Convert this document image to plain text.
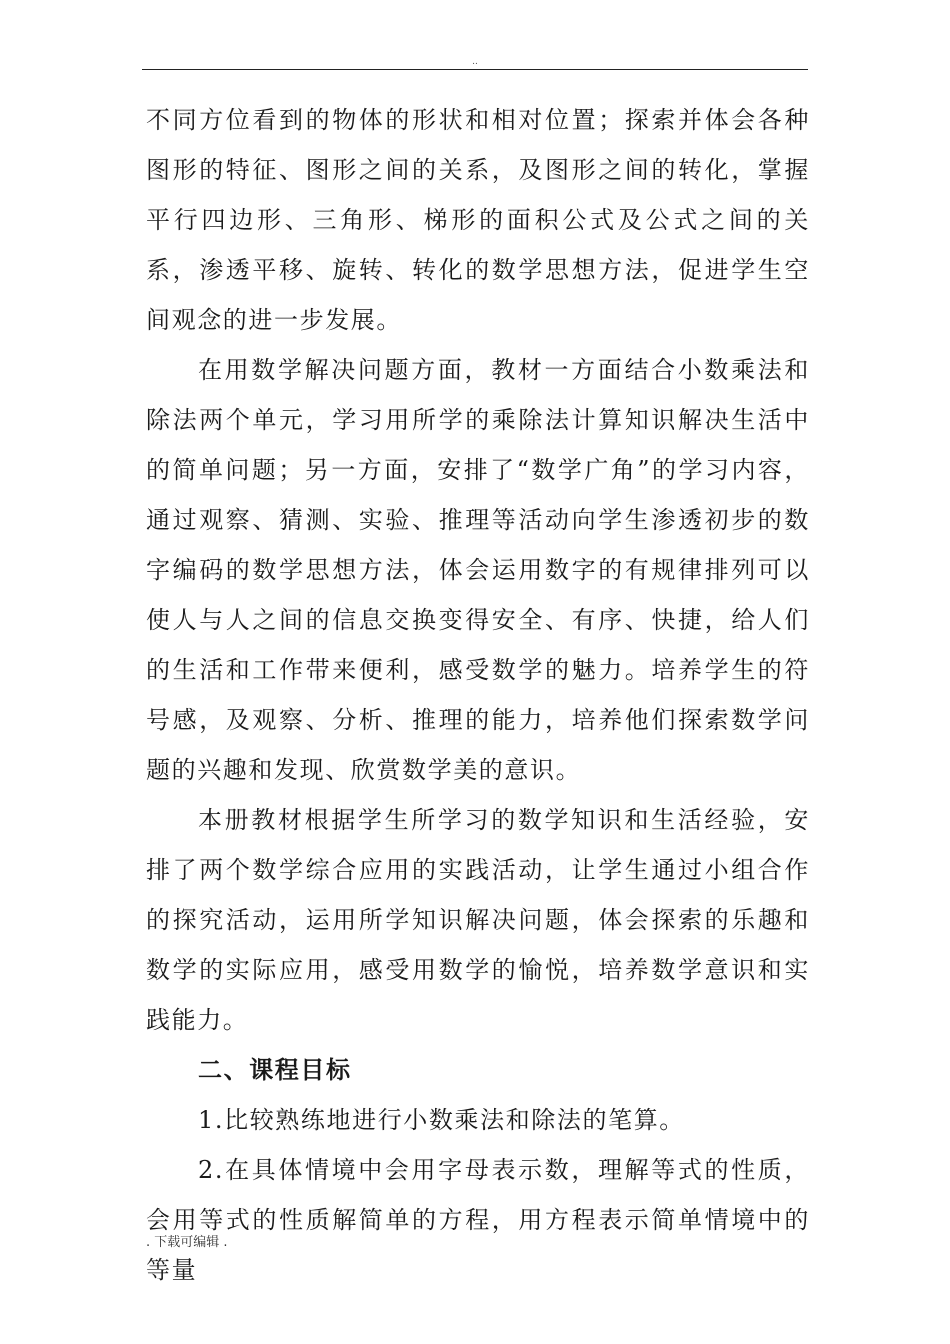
..

不同方位看到的物体的形状和相对位置；探索并体会各种图形的特征、图形之间的关系，及图形之间的转化，掌握平行四边形、三角形、梯形的面积公式及公式之间的关系，渗透平移、旋转、转化的数学思想方法，促进学生空间观念的进一步发展。

在用数学解决问题方面，教材一方面结合小数乘法和除法两个单元，学习用所学的乘除法计算知识解决生活中的简单问题；另一方面，安排了“数学广角”的学习内容，通过观察、猜测、实验、推理等活动向学生渗透初步的数字编码的数学思想方法，体会运用数字的有规律排列可以使人与人之间的信息交换变得安全、有序、快捷，给人们的生活和工作带来便利，感受数学的魅力。培养学生的符号感，及观察、分析、推理的能力，培养他们探索数学问题的兴趣和发现、欣赏数学美的意识。

本册教材根据学生所学习的数学知识和生活经验，安排了两个数学综合应用的实践活动，让学生通过小组合作的探究活动，运用所学知识解决问题，体会探索的乐趣和数学的实际应用，感受用数学的愉悦，培养数学意识和实践能力。

二、课程目标

1.比较熟练地进行小数乘法和除法的笔算。

2.在具体情境中会用字母表示数，理解等式的性质，会用等式的性质解简单的方程，用方程表示简单情境中的等量

. 下载可编辑 .
